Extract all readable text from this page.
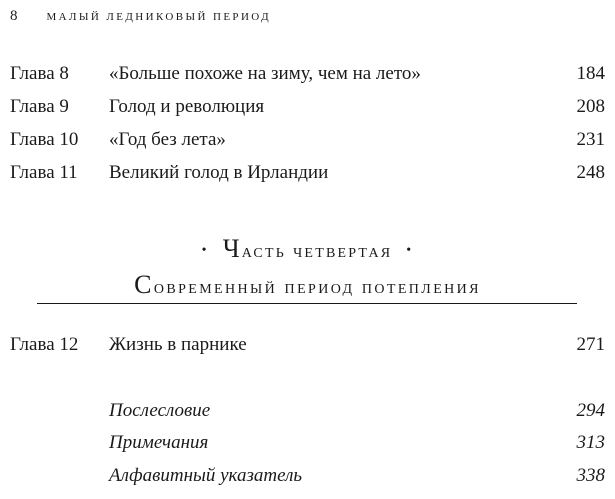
8	МАЛЫЙ ЛЕДНИКОВЫЙ ПЕРИОД
Глава 8 «Больше похоже на зиму, чем на лето»	184
Глава 9 Голод и революция	208
Глава 10 «Год без лета»	231
Глава 11 Великий голод в Ирландии	248
• Часть четвертая •
Современный период потепления
Глава 12 Жизнь в парнике	271
Послесловие	294
Примечания	313
Алфавитный указатель	338
